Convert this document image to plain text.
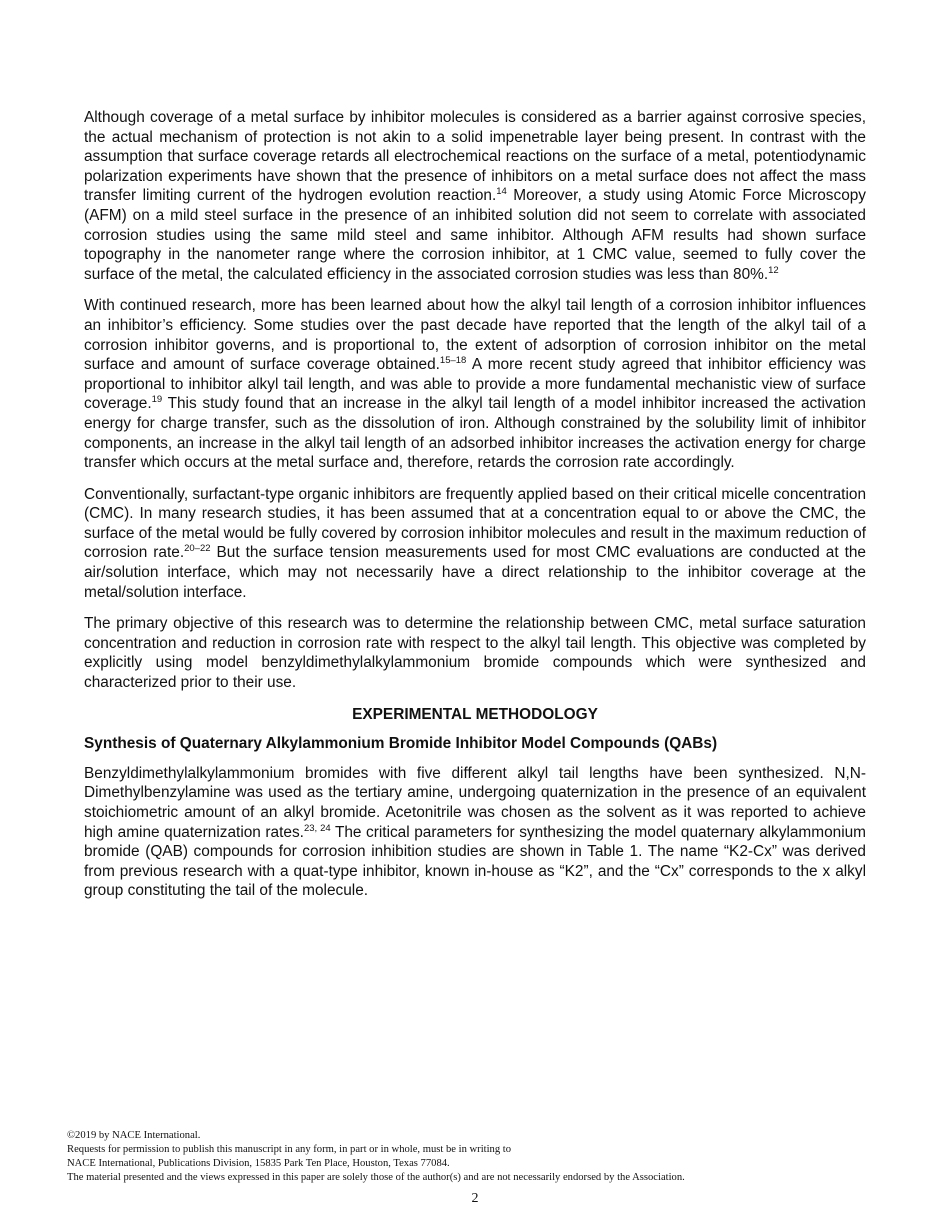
Although coverage of a metal surface by inhibitor molecules is considered as a barrier against corrosive species, the actual mechanism of protection is not akin to a solid impenetrable layer being present. In contrast with the assumption that surface coverage retards all electrochemical reactions on the surface of a metal, potentiodynamic polarization experiments have shown that the presence of inhibitors on a metal surface does not affect the mass transfer limiting current of the hydrogen evolution reaction.$^{14}$ Moreover, a study using Atomic Force Microscopy (AFM) on a mild steel surface in the presence of an inhibited solution did not seem to correlate with associated corrosion studies using the same mild steel and same inhibitor. Although AFM results had shown surface topography in the nanometer range where the corrosion inhibitor, at 1 CMC value, seemed to fully cover the surface of the metal, the calculated efficiency in the associated corrosion studies was less than 80%.$^{12}$

With continued research, more has been learned about how the alkyl tail length of a corrosion inhibitor influences an inhibitor’s efficiency. Some studies over the past decade have reported that the length of the alkyl tail of a corrosion inhibitor governs, and is proportional to, the extent of adsorption of corrosion inhibitor on the metal surface and amount of surface coverage obtained.$^{15-18}$ A more recent study agreed that inhibitor efficiency was proportional to inhibitor alkyl tail length, and was able to provide a more fundamental mechanistic view of surface coverage.$^{19}$ This study found that an increase in the alkyl tail length of a model inhibitor increased the activation energy for charge transfer, such as the dissolution of iron. Although constrained by the solubility limit of inhibitor components, an increase in the alkyl tail length of an adsorbed inhibitor increases the activation energy for charge transfer which occurs at the metal surface and, therefore, retards the corrosion rate accordingly.

Conventionally, surfactant-type organic inhibitors are frequently applied based on their critical micelle concentration (CMC). In many research studies, it has been assumed that at a concentration equal to or above the CMC, the surface of the metal would be fully covered by corrosion inhibitor molecules and result in the maximum reduction of corrosion rate.$^{20-22}$ But the surface tension measurements used for most CMC evaluations are conducted at the air/solution interface, which may not necessarily have a direct relationship to the inhibitor coverage at the metal/solution interface.

The primary objective of this research was to determine the relationship between CMC, metal surface saturation concentration and reduction in corrosion rate with respect to the alkyl tail length. This objective was completed by explicitly using model benzyldimethylalkylammonium bromide compounds which were synthesized and characterized prior to their use.

EXPERIMENTAL METHODOLOGY
Synthesis of Quaternary Alkylammonium Bromide Inhibitor Model Compounds (QABs)

Benzyldimethylalkylammonium bromides with five different alkyl tail lengths have been synthesized. N,N-Dimethylbenzylamine was used as the tertiary amine, undergoing quaternization in the presence of an equivalent stoichiometric amount of an alkyl bromide. Acetonitrile was chosen as the solvent as it was reported to achieve high amine quaternization rates.$^{23, 24}$ The critical parameters for synthesizing the model quaternary alkylammonium bromide (QAB) compounds for corrosion inhibition studies are shown in Table 1. The name “K2-Cx” was derived from previous research with a quat-type inhibitor, known in-house as “K2”, and the “Cx” corresponds to the x alkyl group constituting the tail of the molecule.

©2019 by NACE International.
Requests for permission to publish this manuscript in any form, in part or in whole, must be in writing to
NACE International, Publications Division, 15835 Park Ten Place, Houston, Texas 77084.
The material presented and the views expressed in this paper are solely those of the author(s) and are not necessarily endorsed by the Association.
2
